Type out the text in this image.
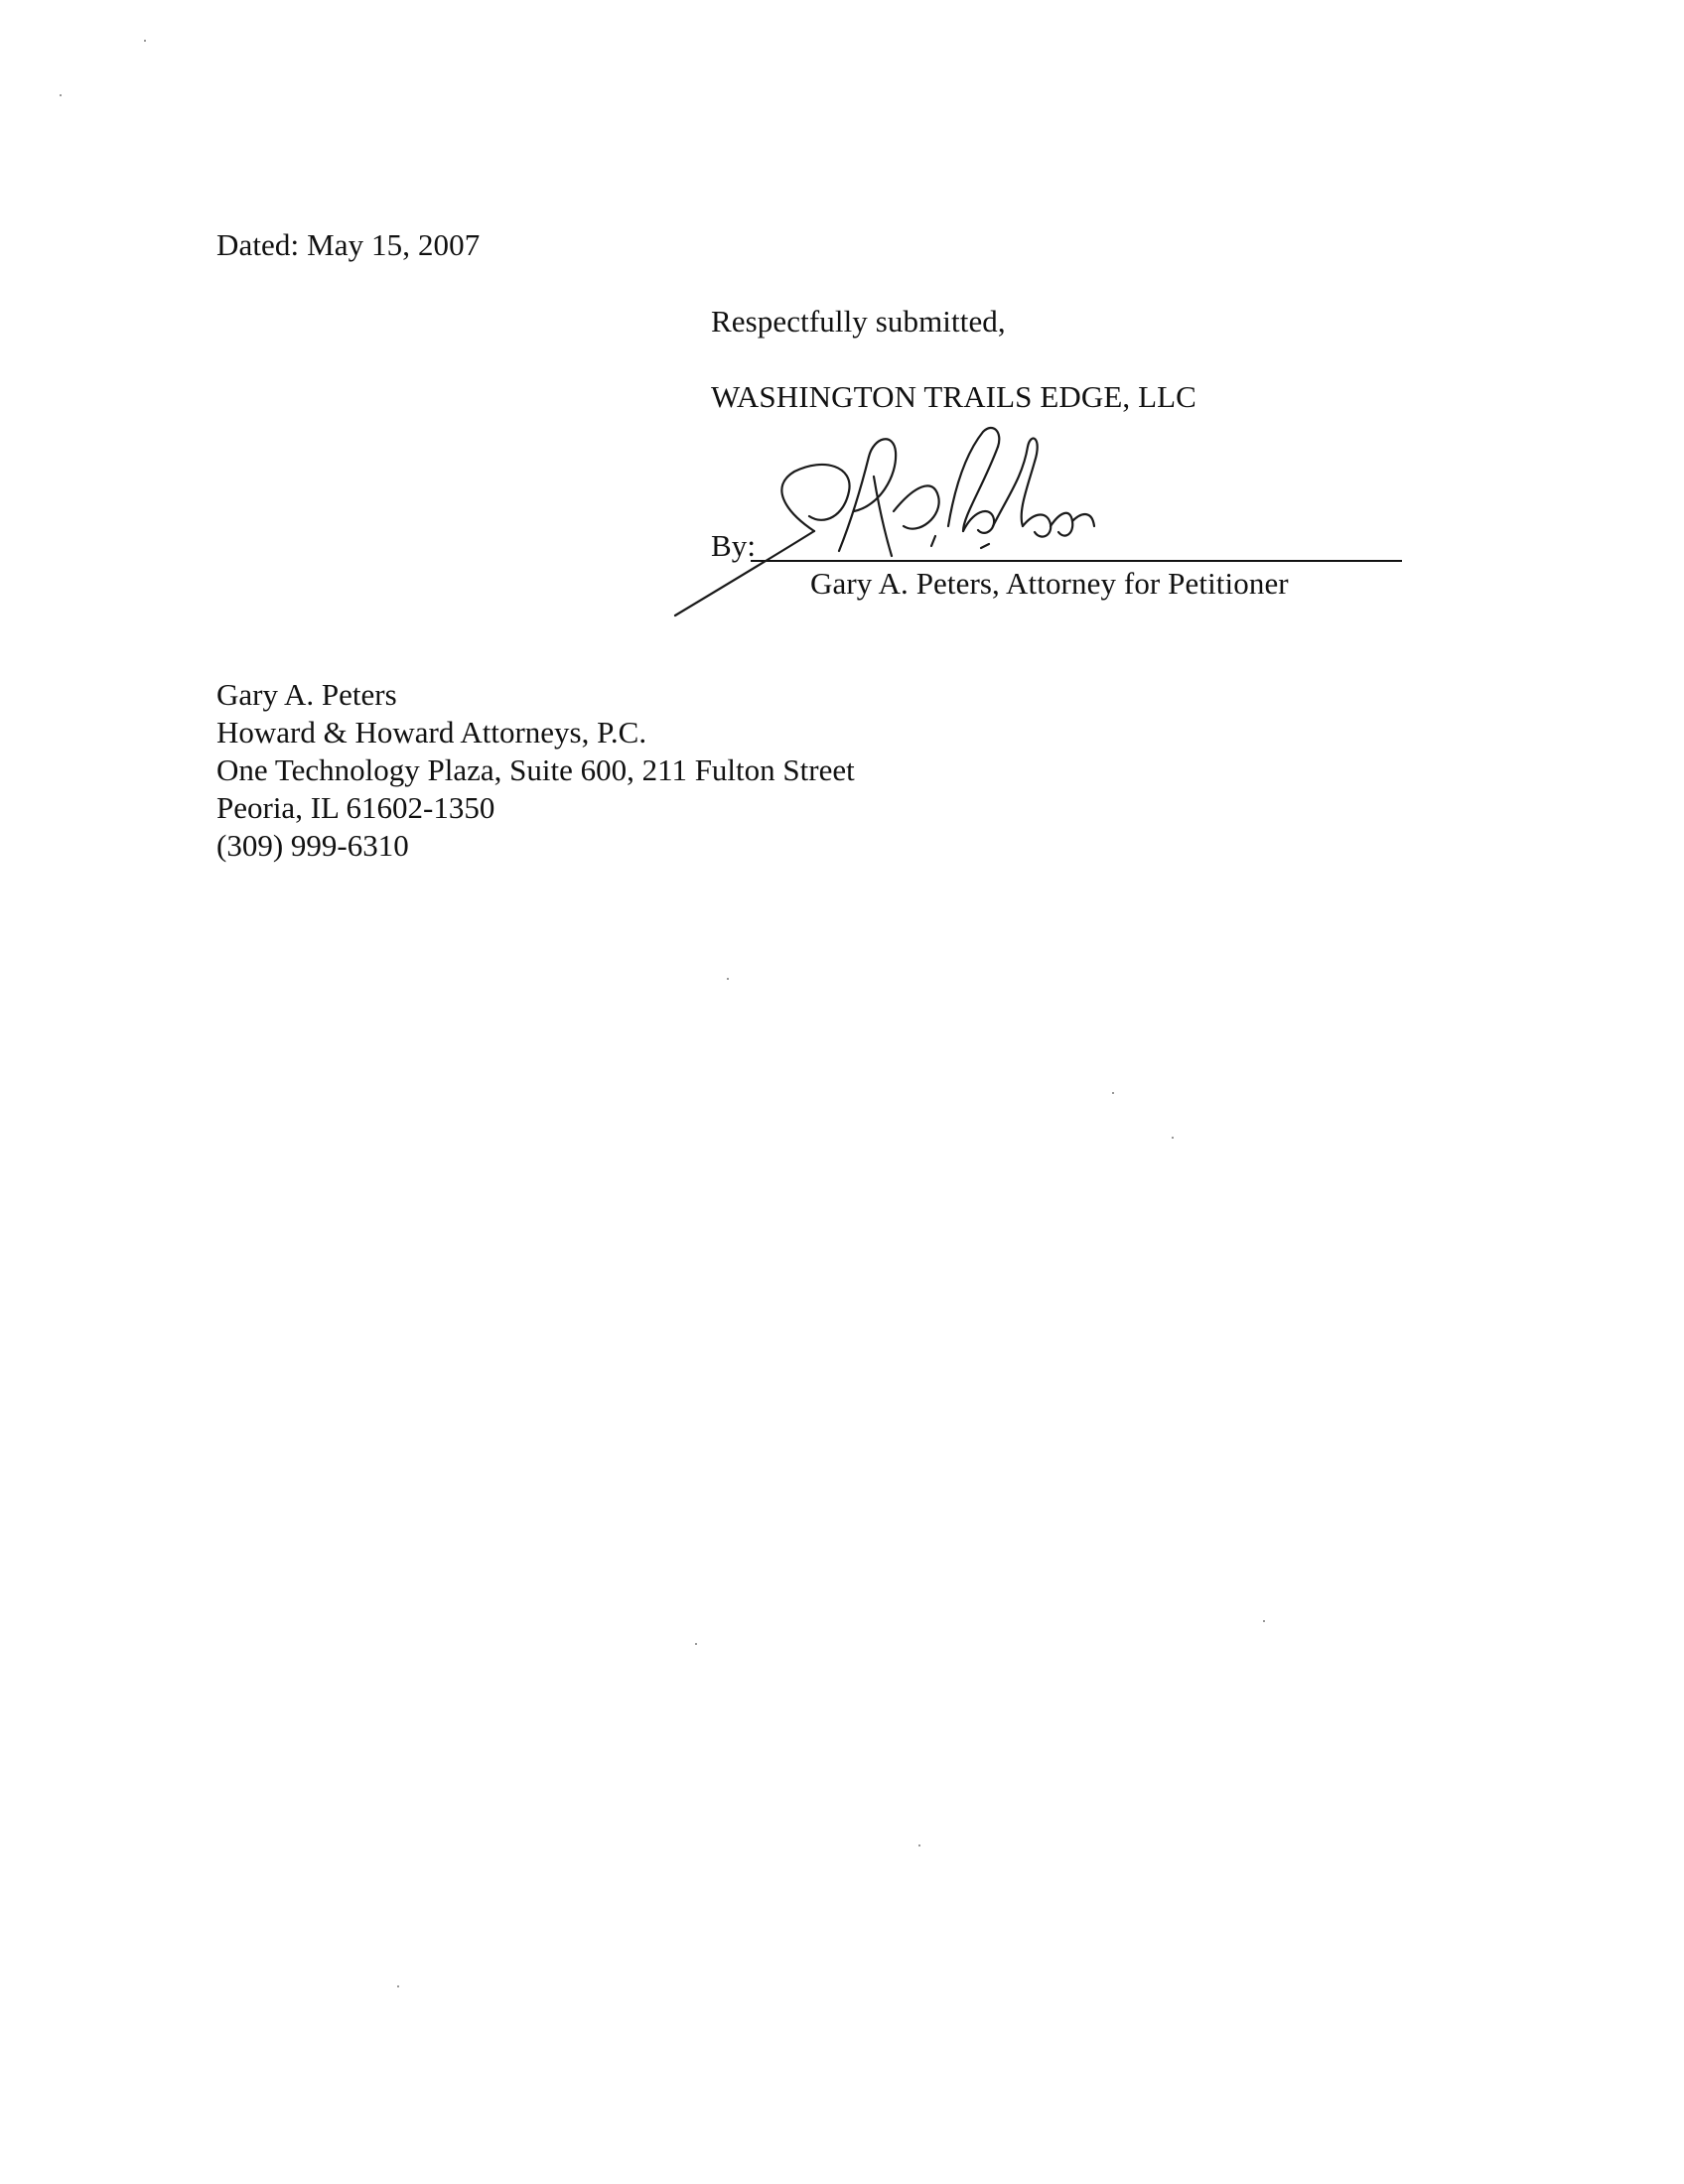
Dated: May 15, 2007
Respectfully submitted,
WASHINGTON TRAILS EDGE, LLC
By:
Gary A. Peters, Attorney for Petitioner
Gary A. Peters
Howard & Howard Attorneys, P.C.
One Technology Plaza, Suite 600, 211 Fulton Street
Peoria, IL 61602-1350
(309) 999-6310
